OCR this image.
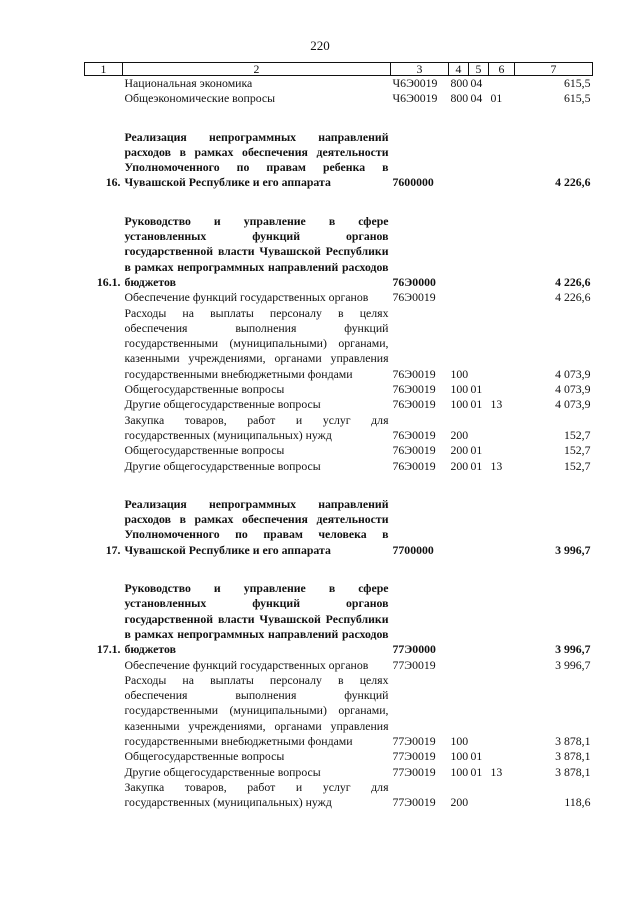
220
1	2	3	4	5	6	7
	Национальная экономика	Ч6Э0019	800	04		615,5
	Общеэкономические вопросы	Ч6Э0019	800	04	01	615,5

16.	Реализация непрограммных направлений расходов в рамках обеспечения деятельности Уполномоченного по правам ребенка в Чувашской Республике и его аппарата	7600000				4 226,6

16.1.	Руководство и управление в сфере установленных функций органов государственной власти Чувашской Республики в рамках непрограммных направлений расходов бюджетов	76Э0000				4 226,6
	Обеспечение функций государственных органов	76Э0019				4 226,6
	Расходы на выплаты персоналу в целях обеспечения выполнения функций государственными (муниципальными) органами, казенными учреждениями, органами управления государственными внебюджетными фондами	76Э0019	100			4 073,9
	Общегосударственные вопросы	76Э0019	100	01		4 073,9
	Другие общегосударственные вопросы	76Э0019	100	01	13	4 073,9
	Закупка товаров, работ и услуг для государственных (муниципальных) нужд	76Э0019	200			152,7
	Общегосударственные вопросы	76Э0019	200	01		152,7
	Другие общегосударственные вопросы	76Э0019	200	01	13	152,7

17.	Реализация непрограммных направлений расходов в рамках обеспечения деятельности Уполномоченного по правам человека в Чувашской Республике и его аппарата	7700000				3 996,7

17.1.	Руководство и управление в сфере установленных функций органов государственной власти Чувашской Республики в рамках непрограммных направлений расходов бюджетов	77Э0000				3 996,7
	Обеспечение функций государственных органов	77Э0019				3 996,7
	Расходы на выплаты персоналу в целях обеспечения выполнения функций государственными (муниципальными) органами, казенными учреждениями, органами управления государственными внебюджетными фондами	77Э0019	100			3 878,1
	Общегосударственные вопросы	77Э0019	100	01		3 878,1
	Другие общегосударственные вопросы	77Э0019	100	01	13	3 878,1
	Закупка товаров, работ и услуг для государственных (муниципальных) нужд	77Э0019	200			118,6
